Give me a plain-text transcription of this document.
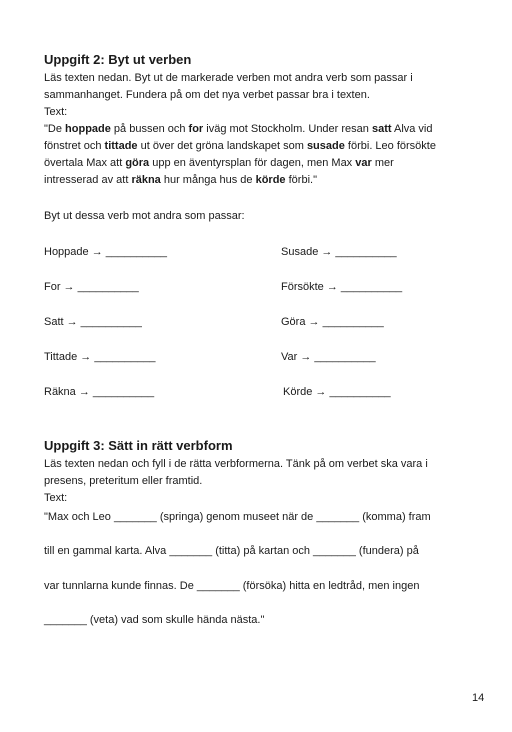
Uppgift 2: Byt ut verben
Läs texten nedan. Byt ut de markerade verben mot andra verb som passar i
sammanhanget. Fundera på om det nya verbet passar bra i texten.
Text:
"De hoppade på bussen och for iväg mot Stockholm. Under resan satt Alva vid
fönstret och tittade ut över det gröna landskapet som susade förbi. Leo försökte
övertala Max att göra upp en äventyrsplan för dagen, men Max var mer
intresserad av att räkna hur många hus de körde förbi."
Byt ut dessa verb mot andra som passar:
Hoppade → __________	Susade → __________
For → __________	Försökte → __________
Satt → __________	Göra → __________
Tittade → __________	Var → __________
Räkna → __________	Körde → __________
Uppgift 3: Sätt in rätt verbform
Läs texten nedan och fyll i de rätta verbformerna. Tänk på om verbet ska vara i
presens, preteritum eller framtid.
Text:
"Max och Leo _______ (springa) genom museet när de _______ (komma) fram
till en gammal karta. Alva _______ (titta) på kartan och _______ (fundera) på
var tunnlarna kunde finnas. De _______ (försöka) hitta en ledtråd, men ingen
_______ (veta) vad som skulle hända nästa."
14
